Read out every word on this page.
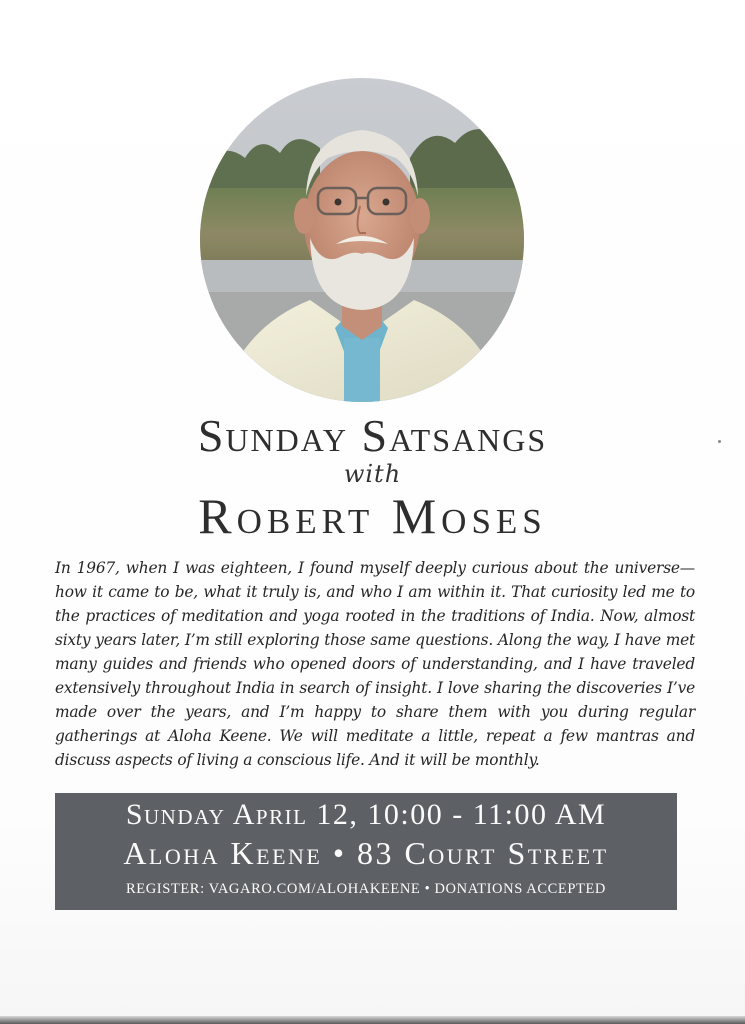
Sunday Satsangs
with
Robert Moses
In 1967, when I was eighteen, I found myself deeply curious about the universe—how it came to be, what it truly is, and who I am within it. That curiosity led me to the practices of meditation and yoga rooted in the traditions of India. Now, almost sixty years later, I’m still exploring those same questions. Along the way, I have met many guides and friends who opened doors of understanding, and I have traveled extensively throughout India in search of insight. I love sharing the discoveries I’ve made over the years, and I’m happy to share them with you during regular gatherings at Aloha Keene. We will meditate a little, repeat a few mantras and discuss aspects of living a conscious life. And it will be monthly.
Sunday April 12, 10:00 - 11:00 AM
Aloha Keene • 83 Court Street
REGISTER: VAGARO.COM/ALOHAKEENE • DONATIONS ACCEPTED
